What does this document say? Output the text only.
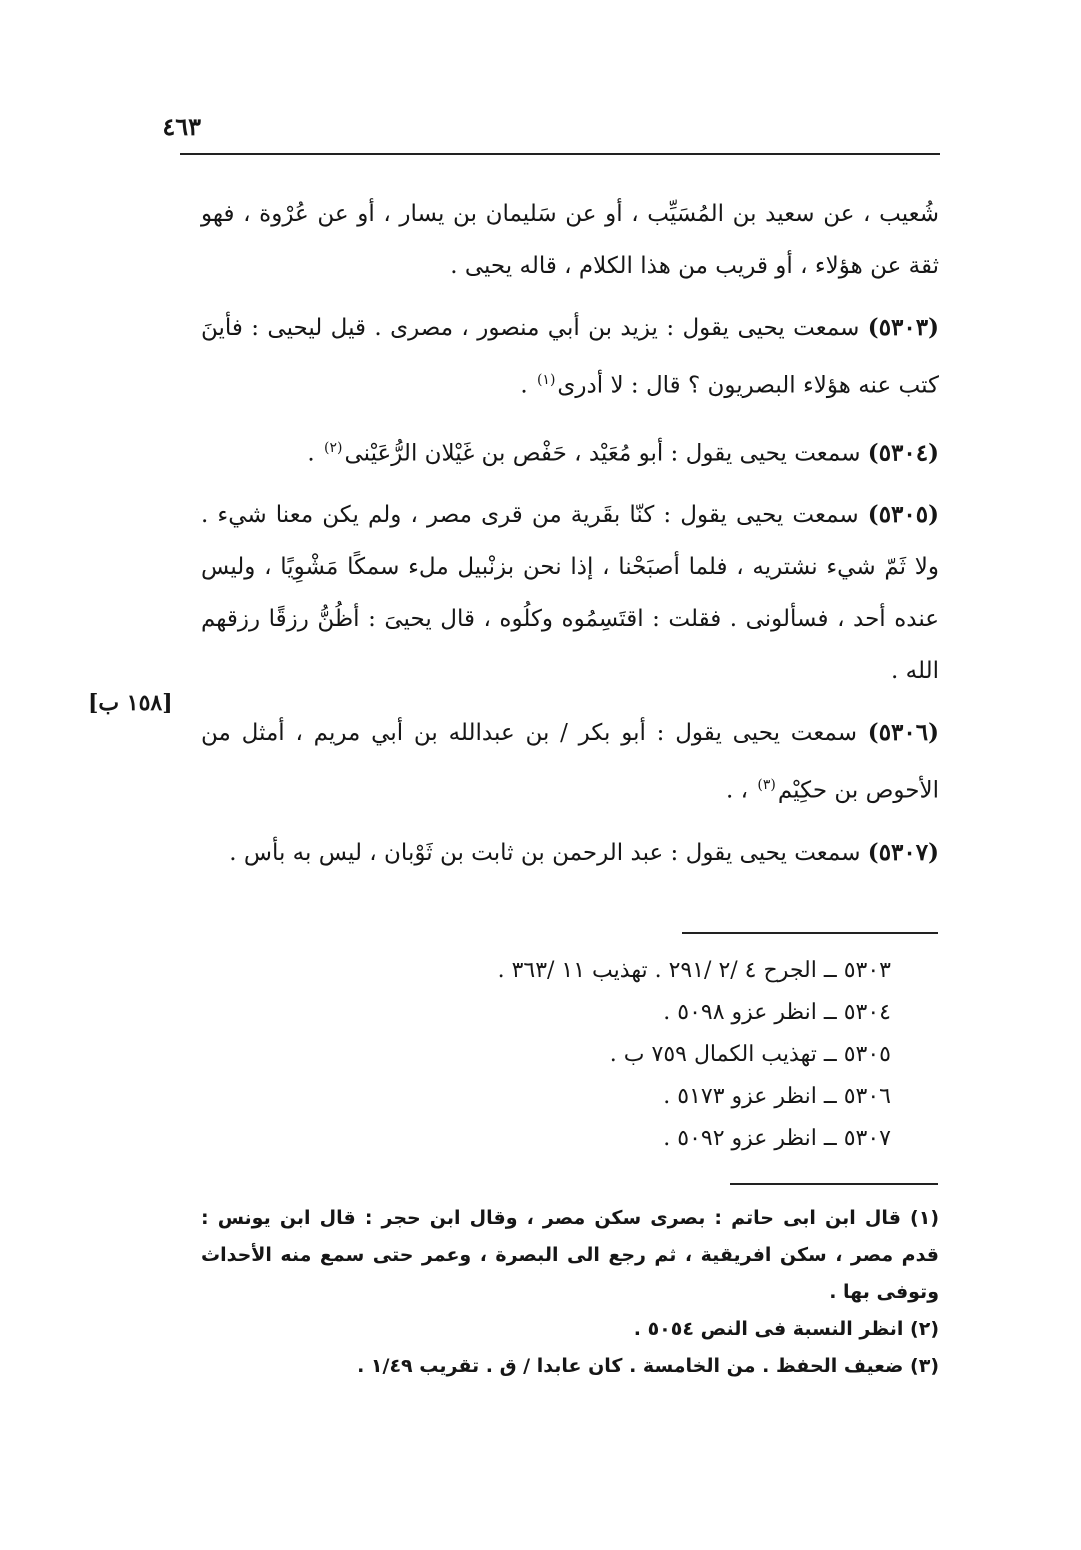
٤٦٣

شُعيب ، عن سعيد بن المُسَيِّب ، أو عن سَليمان بن يسار ، أو عن عُرْوة ، فهو ثقة عن هؤلاء ، أو قريب من هذا الكلام ، قاله يحيى .

(٥٣٠٣) سمعت يحيى يقول : يزيد بن أبي منصور ، مصرى . قيل ليحيى : فأينَ كتب عنه هؤلاء البصريون ؟ قال : لا أدرى$^{(١)}$ .

(٥٣٠٤) سمعت يحيى يقول : أبو مُعَيْد ، حَفْص بن غَيْلان الرُّعَيْنى$^{(٢)}$ .

(٥٣٠٥) سمعت يحيى يقول : كنّا بقَرية من قرى مصر ، ولم يكن معنا شيء . ولا ثَمّ شيء نشتريه ، فلما أصبَحْنا ، إذا نحن بزنْبيل ملء سمكًا مَشْوِيًا ، وليس عنده أحد ، فسألونى . فقلت : اقتَسِمُوه وكلُوه ، قال يحيىَ : أظُنُّ رزقًا رزقهم الله .

(٥٣٠٦) سمعت يحيى يقول : أبو بكر / بن عبدالله بن أبي مريم ، أمثل من الأحوص بن حكِيْم$^{(٣)}$ ، .

(٥٣٠٧) سمعت يحيى يقول : عبد الرحمن بن ثابت بن ثَوْبان ، ليس به بأس .

[١٥٨ ب]
٥٣٠٣ ــ الجرح ٤ /٢ /٢٩١ . تهذيب ١١ /٣٦٣ .
٥٣٠٤ ــ انظر عزو ٥٠٩٨ .
٥٣٠٥ ــ تهذيب الكمال ٧٥٩ ب .
٥٣٠٦ ــ انظر عزو ٥١٧٣ .
٥٣٠٧ ــ انظر عزو ٥٠٩٢ .

(١) قال ابن ابى حاتم : بصرى سكن مصر ، وقال ابن حجر : قال ابن يونس : قدم مصر ، سكن افريقية ، ثم رجع الى البصرة ، وعمر حتى سمع منه الأحداث وتوفى بها .

(٢) انظر النسبة فى النص ٥٠٥٤ .

(٣) ضعيف الحفظ . من الخامسة . كان عابدا / ق . تقريب ١/٤٩ .
